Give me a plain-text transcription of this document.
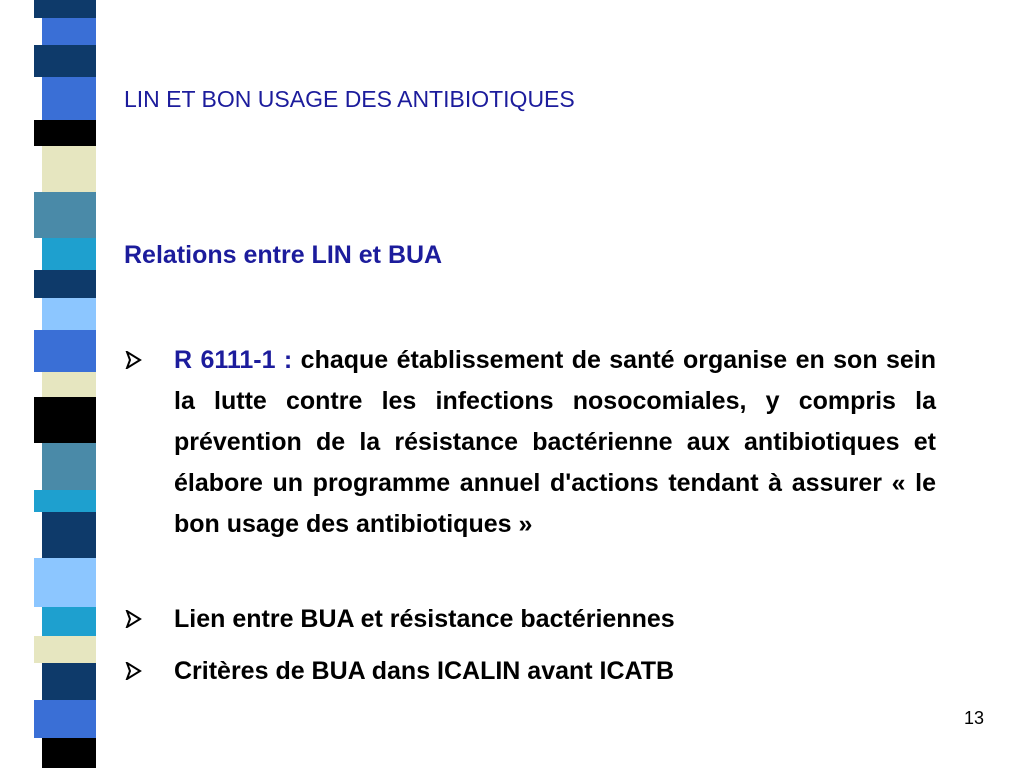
LIN ET BON USAGE DES ANTIBIOTIQUES
Relations entre LIN et BUA
R 6111-1 : chaque établissement de santé organise en son sein la lutte contre les infections nosocomiales, y compris la prévention de la résistance bactérienne aux antibiotiques et élabore un programme annuel d'actions tendant à assurer « le bon usage des antibiotiques »
Lien entre BUA et résistance bactériennes
Critères de BUA dans ICALIN avant ICATB
13
